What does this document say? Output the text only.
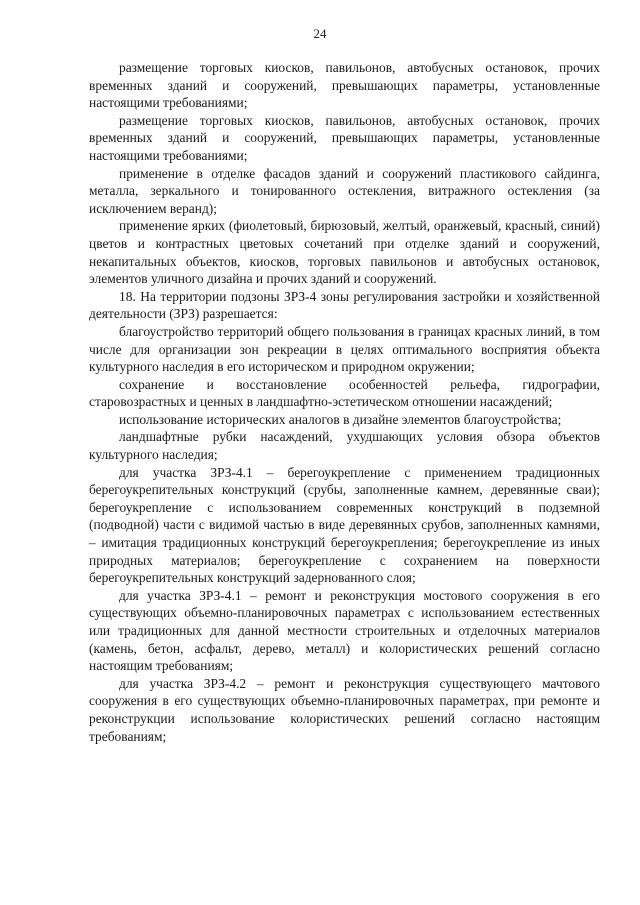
24

размещение торговых киосков, павильонов, автобусных остановок, прочих временных зданий и сооружений, превышающих параметры, установленные настоящими требованиями;

размещение торговых киосков, павильонов, автобусных остановок, прочих временных зданий и сооружений, превышающих параметры, установленные настоящими требованиями;

применение в отделке фасадов зданий и сооружений пластикового сайдинга, металла, зеркального и тонированного остекления, витражного остекления (за исключением веранд);

применение ярких (фиолетовый, бирюзовый, желтый, оранжевый, красный, синий) цветов и контрастных цветовых сочетаний при отделке зданий и сооружений, некапитальных объектов, киосков, торговых павильонов и автобусных остановок, элементов уличного дизайна и прочих зданий и сооружений.

18. На территории подзоны ЗРЗ-4 зоны регулирования застройки и хозяйственной деятельности (ЗРЗ) разрешается:

благоустройство территорий общего пользования в границах красных линий, в том числе для организации зон рекреации в целях оптимального восприятия объекта культурного наследия в его историческом и природном окружении;

сохранение и восстановление особенностей рельефа, гидрографии, старовозрастных и ценных в ландшафтно-эстетическом отношении насаждений;

использование исторических аналогов в дизайне элементов благоустройства;

ландшафтные рубки насаждений, ухудшающих условия обзора объектов культурного наследия;

для участка ЗРЗ-4.1 – берегоукрепление с применением традиционных берегоукрепительных конструкций (срубы, заполненные камнем, деревянные сваи); берегоукрепление с использованием современных конструкций в подземной (подводной) части с видимой частью в виде деревянных срубов, заполненных камнями, – имитация традиционных конструкций берегоукрепления; берегоукрепление из иных природных материалов; берегоукрепление с сохранением на поверхности берегоукрепительных конструкций задернованного слоя;

для участка ЗРЗ-4.1 – ремонт и реконструкция мостового сооружения в его существующих объемно-планировочных параметрах с использованием естественных или традиционных для данной местности строительных и отделочных материалов (камень, бетон, асфальт, дерево, металл) и колористических решений согласно настоящим требованиям;

для участка ЗРЗ-4.2 – ремонт и реконструкция существующего мачтового сооружения в его существующих объемно-планировочных параметрах, при ремонте и реконструкции использование колористических решений согласно настоящим требованиям;
